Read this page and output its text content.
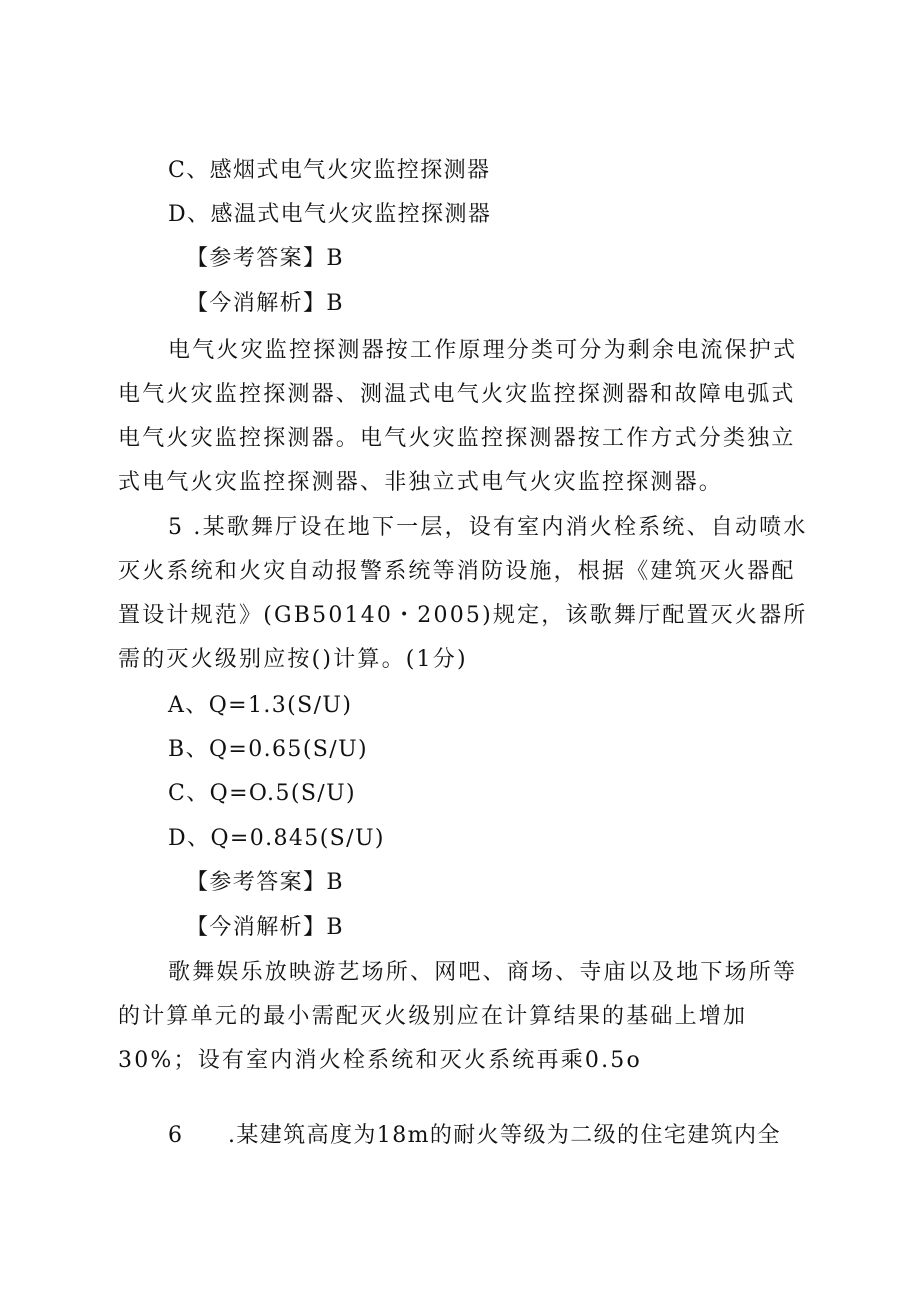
C、感烟式电气火灾监控探测器
D、感温式电气火灾监控探测器
【参考答案】B
【今消解析】B
电气火灾监控探测器按工作原理分类可分为剩余电流保护式电气火灾监控探测器、测温式电气火灾监控探测器和故障电弧式电气火灾监控探测器。电气火灾监控探测器按工作方式分类独立式电气火灾监控探测器、非独立式电气火灾监控探测器。
5 .某歌舞厅设在地下一层，设有室内消火栓系统、自动喷水灭火系统和火灾自动报警系统等消防设施，根据《建筑灭火器配置设计规范》(GB50140・2005)规定，该歌舞厅配置灭火器所需的灭火级别应按()计算。(1分)
A、Q=1.3(S∕U)
B、Q=0.65(S∕U)
C、Q=O.5(S∕U)
D、Q=0.845(S∕U)
【参考答案】B
【今消解析】B
歌舞娱乐放映游艺场所、网吧、商场、寺庙以及地下场所等的计算单元的最小需配灭火级别应在计算结果的基础上增加30%；设有室内消火栓系统和灭火系统再乘0.5o
6 .某建筑高度为18m的耐火等级为二级的住宅建筑内全
